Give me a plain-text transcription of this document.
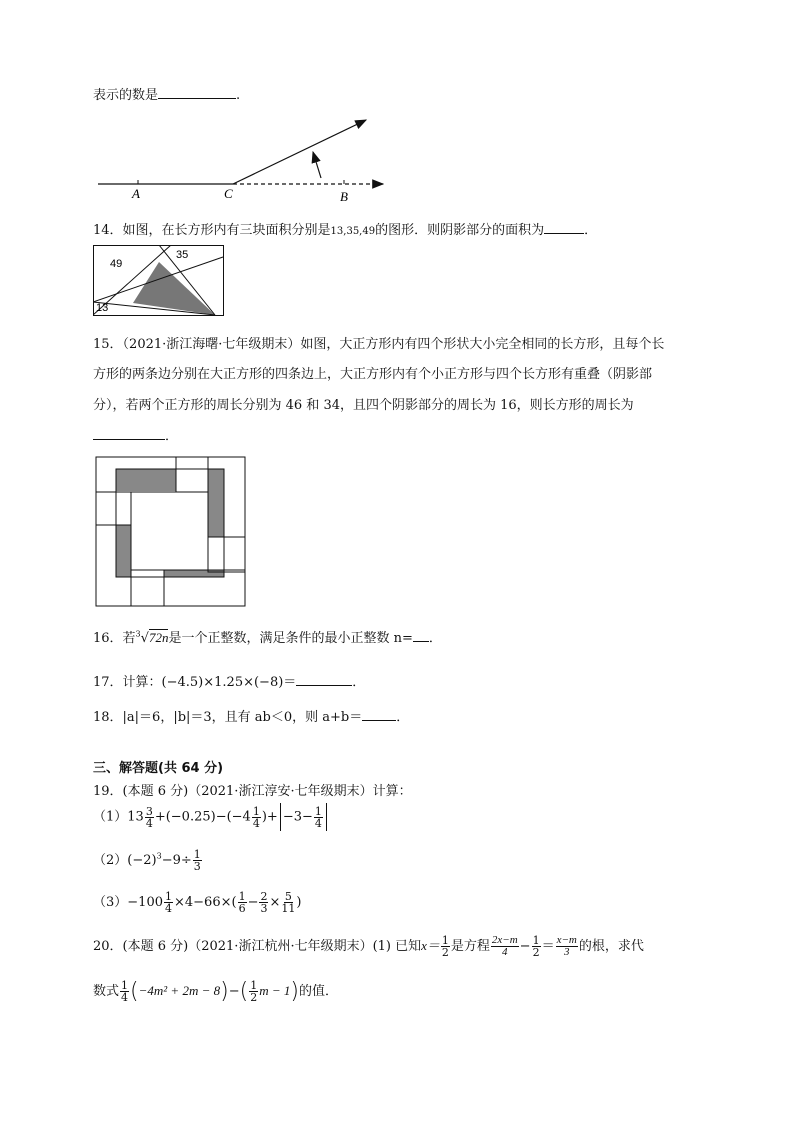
表示的数是	.
A	C	B
14．如图，在长方形内有三块面积分别是13,35,49的图形．则阴影部分的面积为	．
49
35
13
15．（2021·浙江海曙·七年级期末）如图，大正方形内有四个形状大小完全相同的长方形，且每个长
方形的两条边分别在大正方形的四条边上，大正方形内有个小正方形与四个长方形有重叠（阴影部
分），若两个正方形的周长分别为 46 和 34，且四个阴影部分的周长为 16，则长方形的周长为
．
16．若$^3$√72n是一个正整数，满足条件的最小正整数 n= ．
17．计算：(−4.5)×1.25×(−8)＝	．
18．|a|＝6，|b|＝3，且有 ab＜0，则 a+b＝	．
三、解答题(共 64 分)
19．(本题 6 分)（2021·浙江淳安·七年级期末）计算：
$(1)13 \frac{3}{4} +(-0.25)-(-4 \frac{1}{4}$ )+ $-3- \frac{1}{4}$
$(2)(-2)^3-9\div \frac{1}{3}$
$(3)-100 \frac{1}{4} \times 4-66\times( \frac{1}{6} - \frac{2}{3} \times \frac{5}{11}$ )
20．(本题 6 分)（2021·浙江杭州·七年级期末）(1) 已知$x= \frac{1}{2}$ 是方程 $\frac{2x-m}{4} - \frac{1}{2} = \frac{x-m}{3}$ 的根，求代
数式 $\frac{1}{4} (-4m^2 + 2m - 8)-( \frac{1}{2}$ m − 1)的值．
